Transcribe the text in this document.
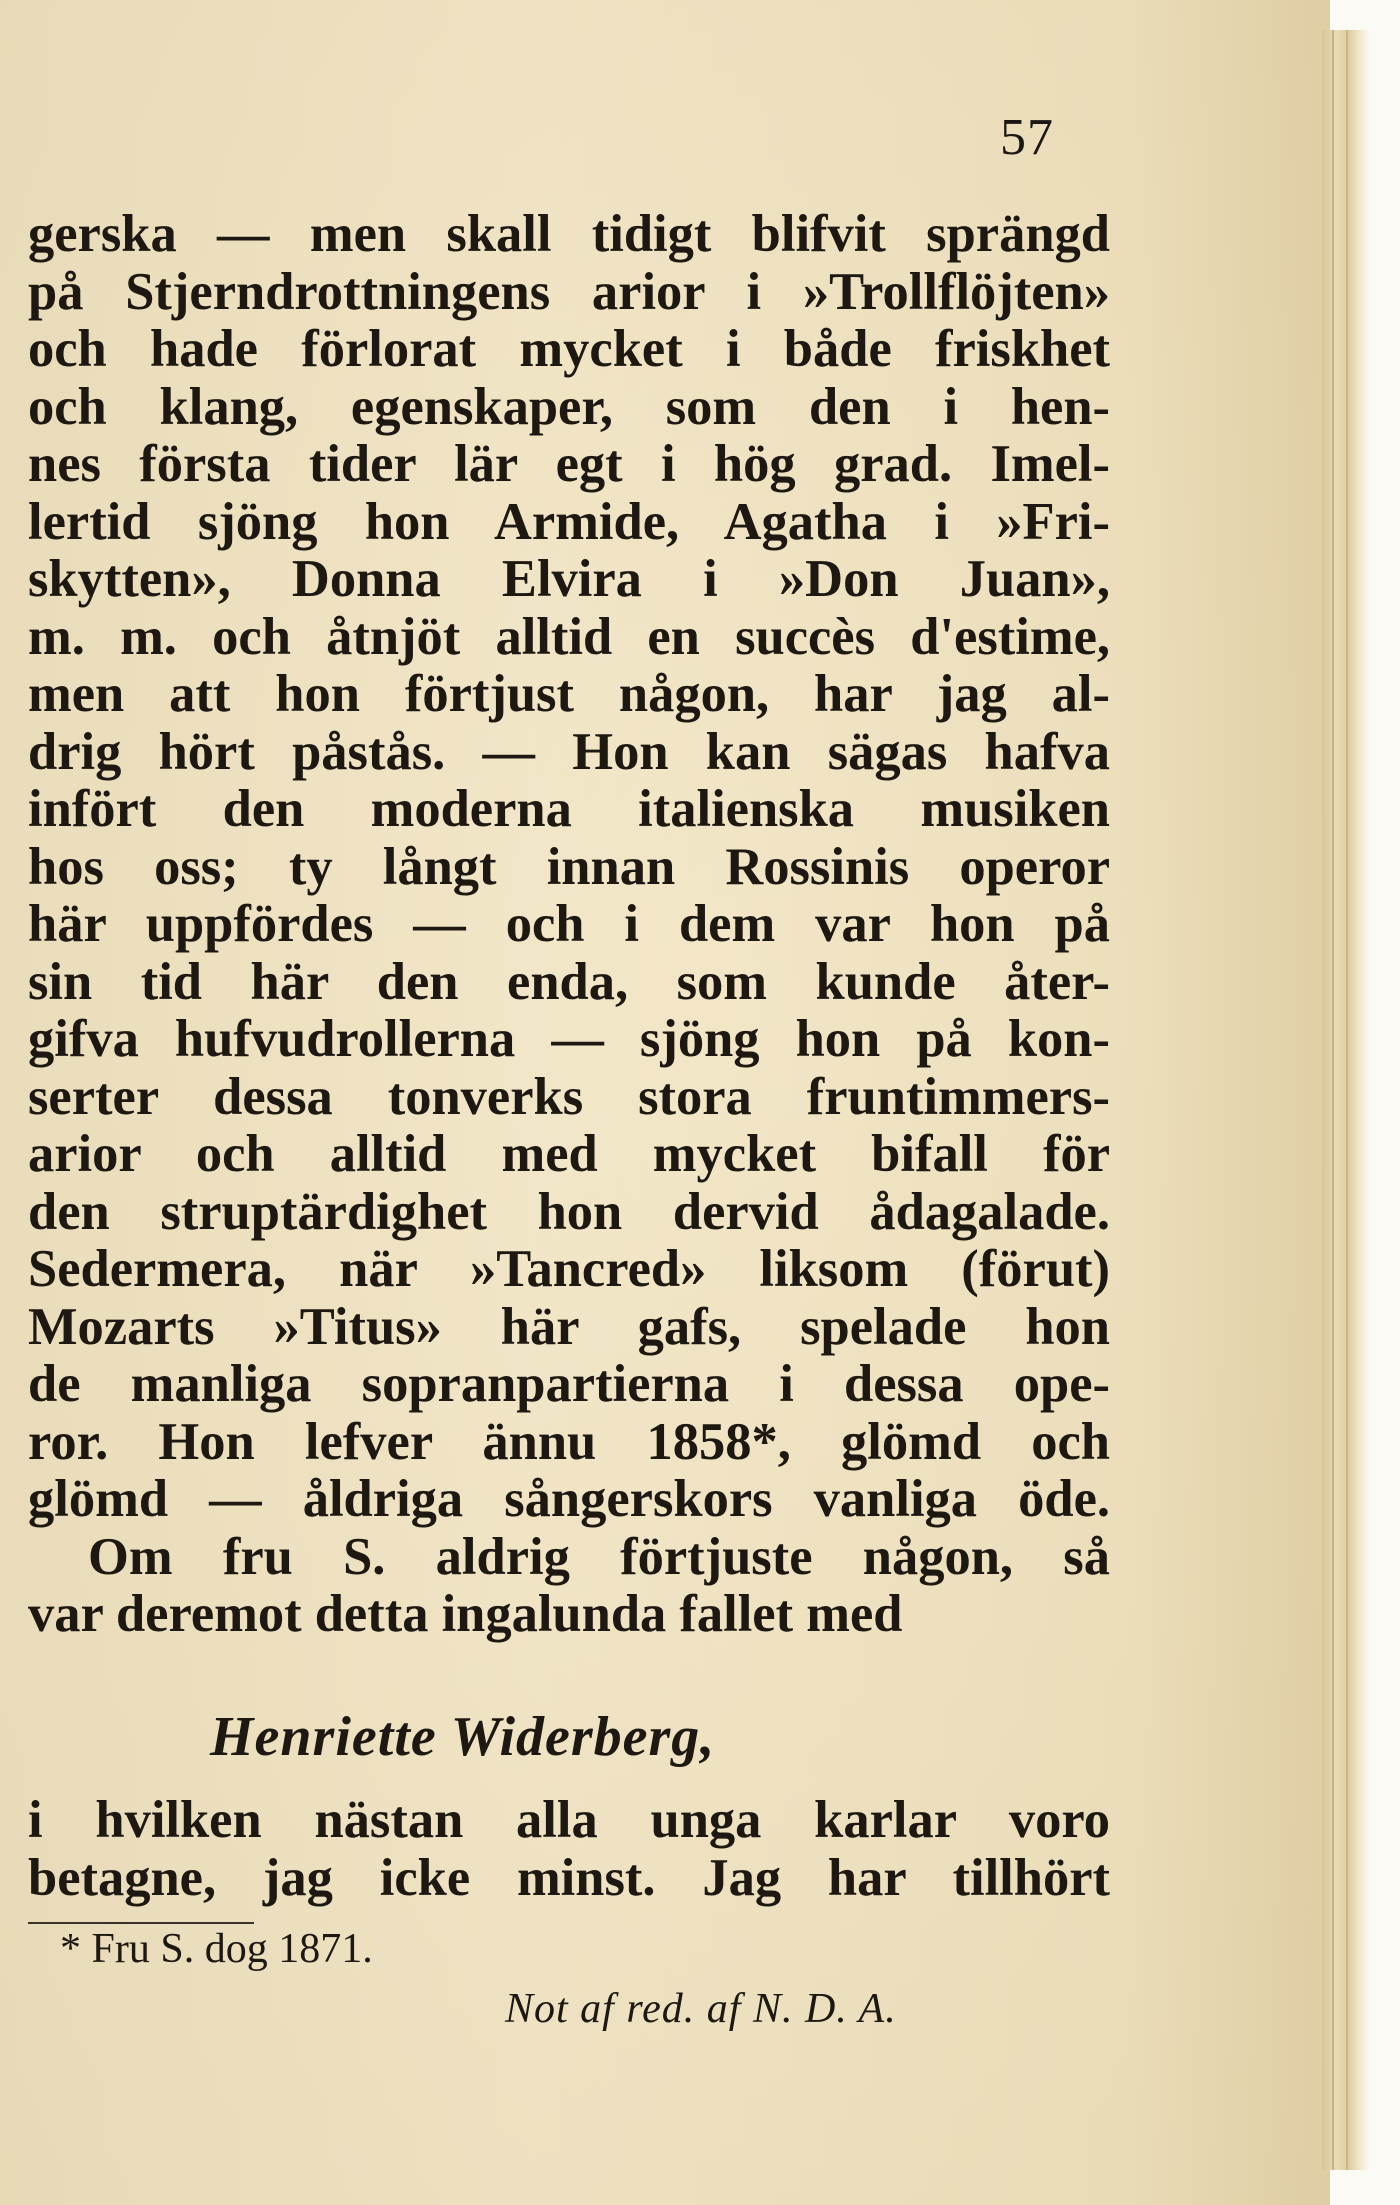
57
gerska — men skall tidigt blifvit sprängd
på Stjerndrottningens arior i »Trollflöjten»
och hade förlorat mycket i både friskhet
och klang, egenskaper, som den i hen-
nes första tider lär egt i hög grad. Imel-
lertid sjöng hon Armide, Agatha i »Fri-
skytten», Donna Elvira i »Don Juan»,
m. m. och åtnjöt alltid en succès d'estime,
men att hon förtjust någon, har jag al-
drig hört påstås. — Hon kan sägas hafva
infört den moderna italienska musiken
hos oss; ty långt innan Rossinis operor
här uppfördes — och i dem var hon på
sin tid här den enda, som kunde åter-
gifva hufvudrollerna — sjöng hon på kon-
serter dessa tonverks stora fruntimmers-
arior och alltid med mycket bifall för
den struptärdighet hon dervid ådagalade.
Sedermera, när »Tancred» liksom (förut)
Mozarts »Titus» här gafs, spelade hon
de manliga sopranpartierna i dessa ope-
ror. Hon lefver ännu 1858*, glömd och
glömd — åldriga sångerskors vanliga öde.
Om fru S. aldrig förtjuste någon, så
var deremot detta ingalunda fallet med
Henriette Widerberg,
i hvilken nästan alla unga karlar voro
betagne, jag icke minst. Jag har tillhört
* Fru S. dog 1871.
Not af red. af N. D. A.
